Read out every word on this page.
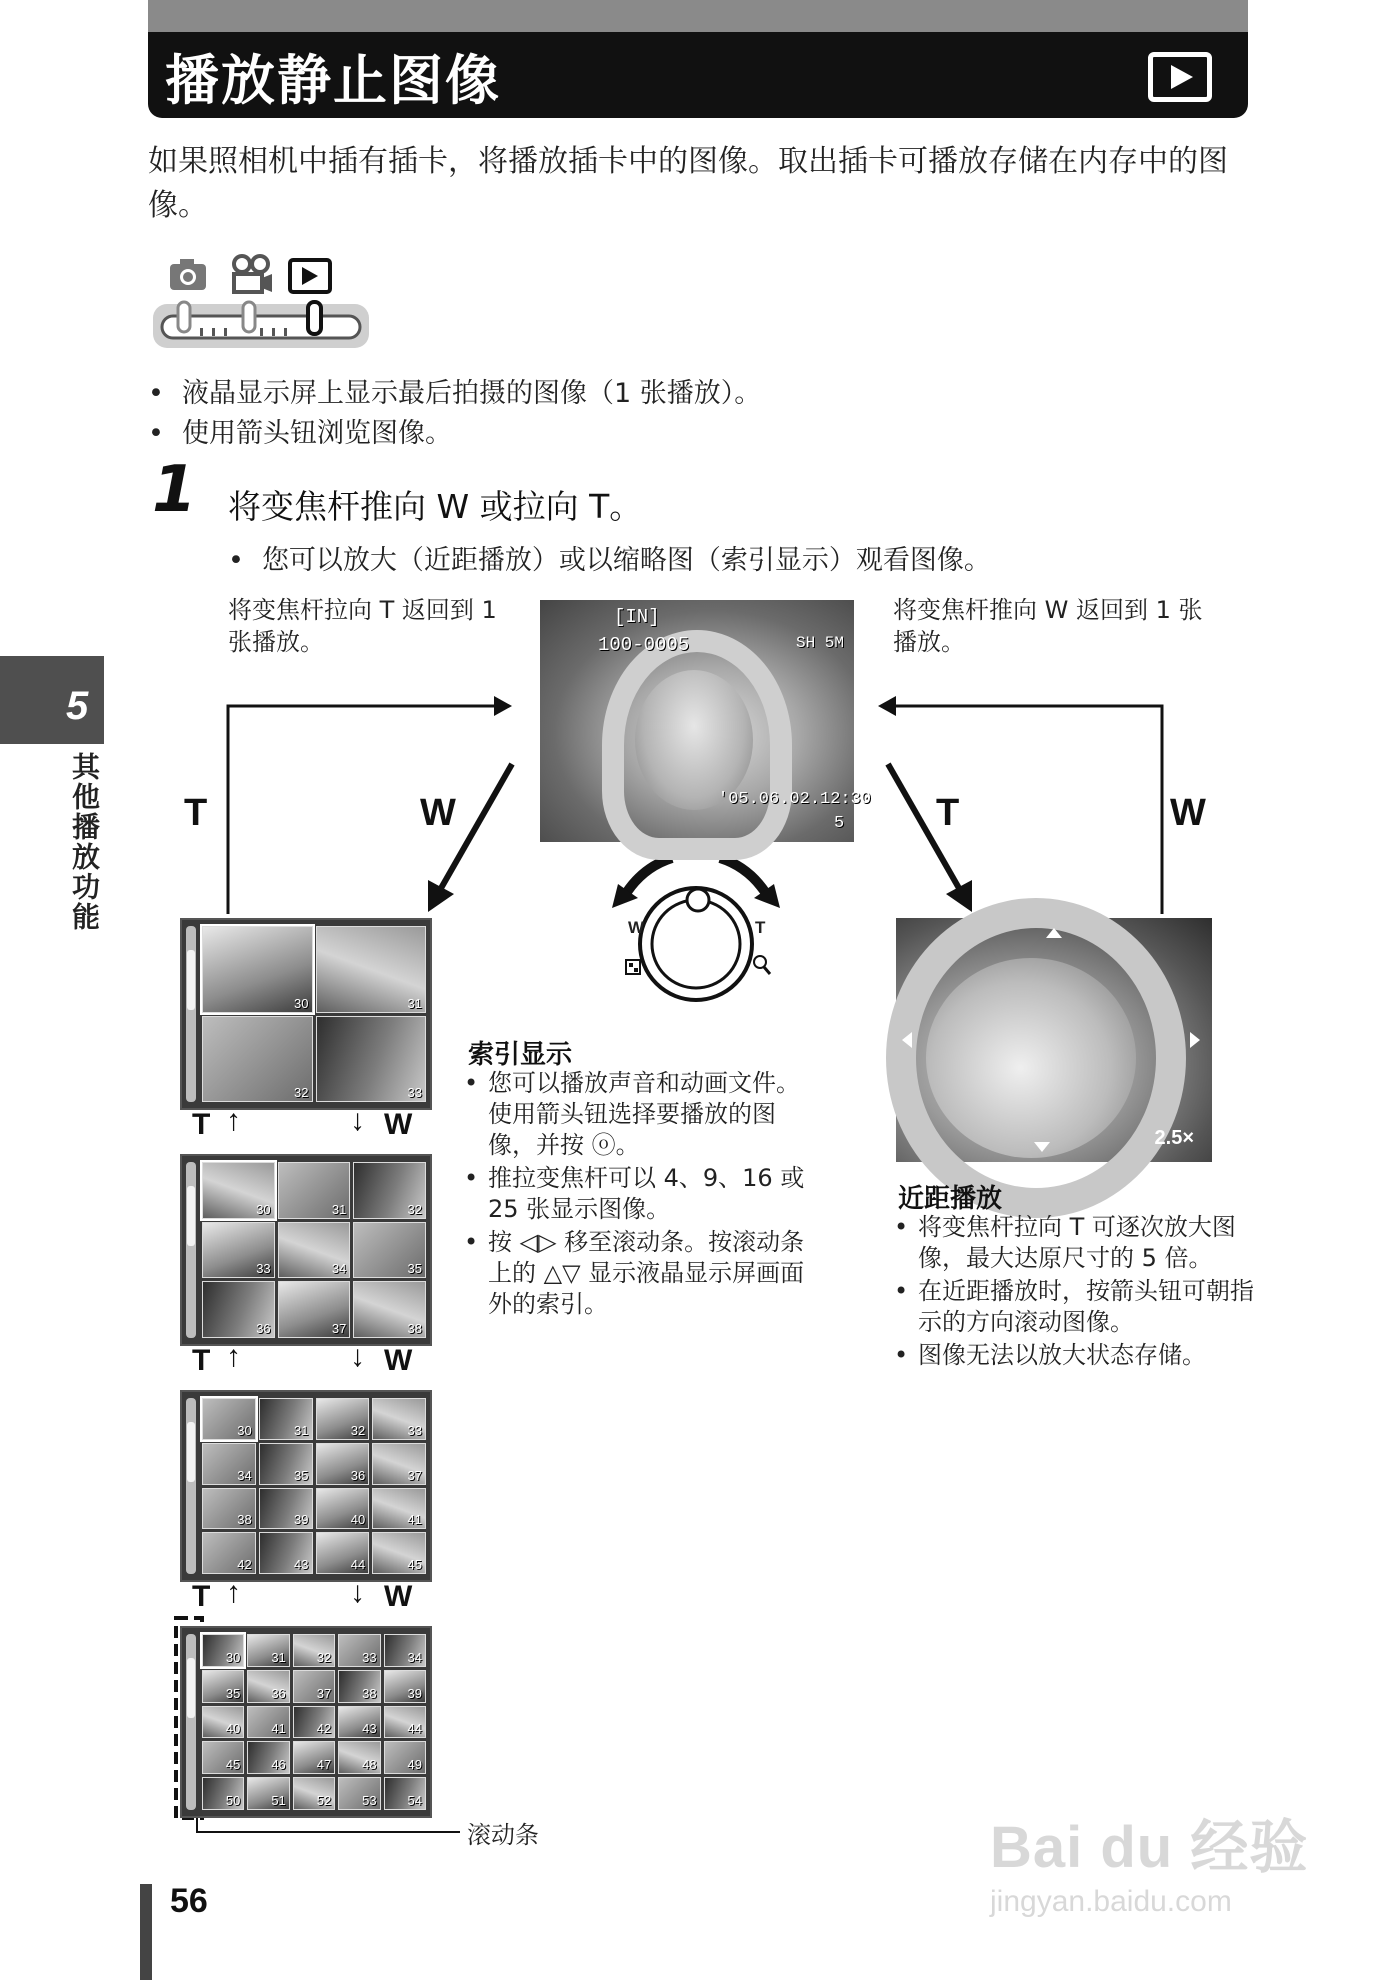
播放静止图像
如果照相机中插有插卡，将播放插卡中的图像。取出插卡可播放存储在内存中的图像。
• 液晶显示屏上显示最后拍摄的图像（1 张播放）。
• 使用箭头钮浏览图像。
1 将变焦杆推向 W 或拉向 T。
• 您可以放大（近距播放）或以缩略图（索引显示）观看图像。
将变焦杆拉向 T 返回到 1 张播放。
将变焦杆推向 W 返回到 1 张播放。
T	W	T	W
W	T
[IN]
100-0005	SH 5M
'05.06.02.12:30
5
2.5×
30	31
32	33
30	31	32
33	34	35
36	37	38
30	31	32	33
34	35	36	37
38	39	40	41
42	43	44	45
30 31 32 33 34
35 36 37 38 39
40 41 42 43 44
45 46 47 48 49
50 51 52 53 54
T ↑	↓ W
T ↑	↓ W
T ↑	↓ W
滚动条
索引显示
• 您可以播放声音和动画文件。使用箭头钮选择要播放的图像，并按 ⓞ。
• 推拉变焦杆可以 4、9、16 或 25 张显示图像。
• 按 ◁▷ 移至滚动条。按滚动条上的 △▽ 显示液晶显示屏画面外的索引。
近距播放
• 将变焦杆拉向 T 可逐次放大图像，最大达原尺寸的 5 倍。
• 在近距播放时，按箭头钮可朝指示的方向滚动图像。
• 图像无法以放大状态存储。
5
其他播放功能
56
Bai du 经验
jingyan.baidu.com
